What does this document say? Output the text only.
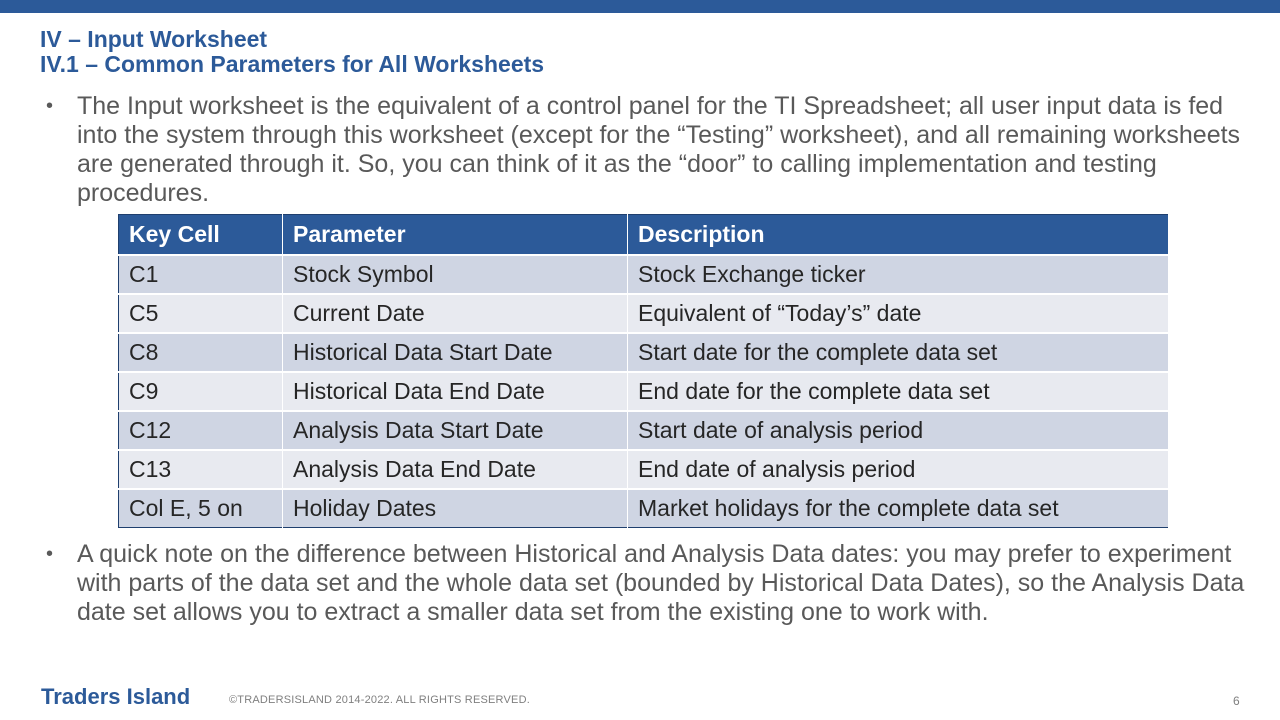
IV – Input Worksheet
IV.1 – Common Parameters for All Worksheets
• The Input worksheet is the equivalent of a control panel for the TI Spreadsheet; all user input data is fed into the system through this worksheet (except for the “Testing” worksheet), and all remaining worksheets are generated through it. So, you can think of it as the “door” to calling implementation and testing procedures.
Key Cell	Parameter	Description
C1	Stock Symbol	Stock Exchange ticker
C5	Current Date	Equivalent of “Today’s” date
C8	Historical Data Start Date	Start date for the complete data set
C9	Historical Data End Date	End date for the complete data set
C12	Analysis Data Start Date	Start date of analysis period
C13	Analysis Data End Date	End date of analysis period
Col E, 5 on	Holiday Dates	Market holidays for the complete data set
• A quick note on the difference between Historical and Analysis Data dates: you may prefer to experiment with parts of the data set and the whole data set (bounded by Historical Data Dates), so the Analysis Data date set allows you to extract a smaller data set from the existing one to work with.
Traders Island	©TRADERSISLAND 2014-2022. ALL RIGHTS RESERVED.	6
